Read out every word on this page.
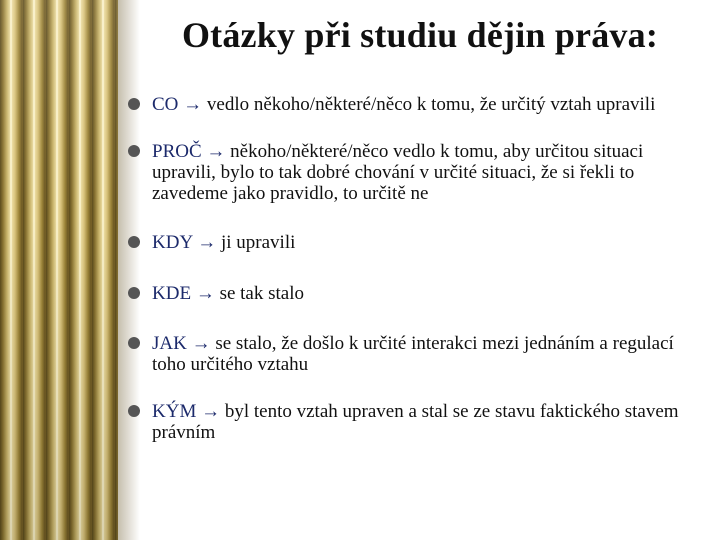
Otázky při studiu dějin práva:
CO → vedlo někoho/některé/něco k tomu, že určitý vztah upravili
PROČ → někoho/některé/něco vedlo k tomu, aby určitou situaci upravili, bylo to tak dobré chování v určité situaci, že si řekli to zavedeme jako pravidlo, to určitě ne
KDY → ji upravili
KDE → se tak stalo
JAK → se stalo, že došlo k určité interakci mezi jednáním a regulací toho určitého vztahu
KÝM → byl tento vztah upraven a stal se ze stavu faktického stavem právním
